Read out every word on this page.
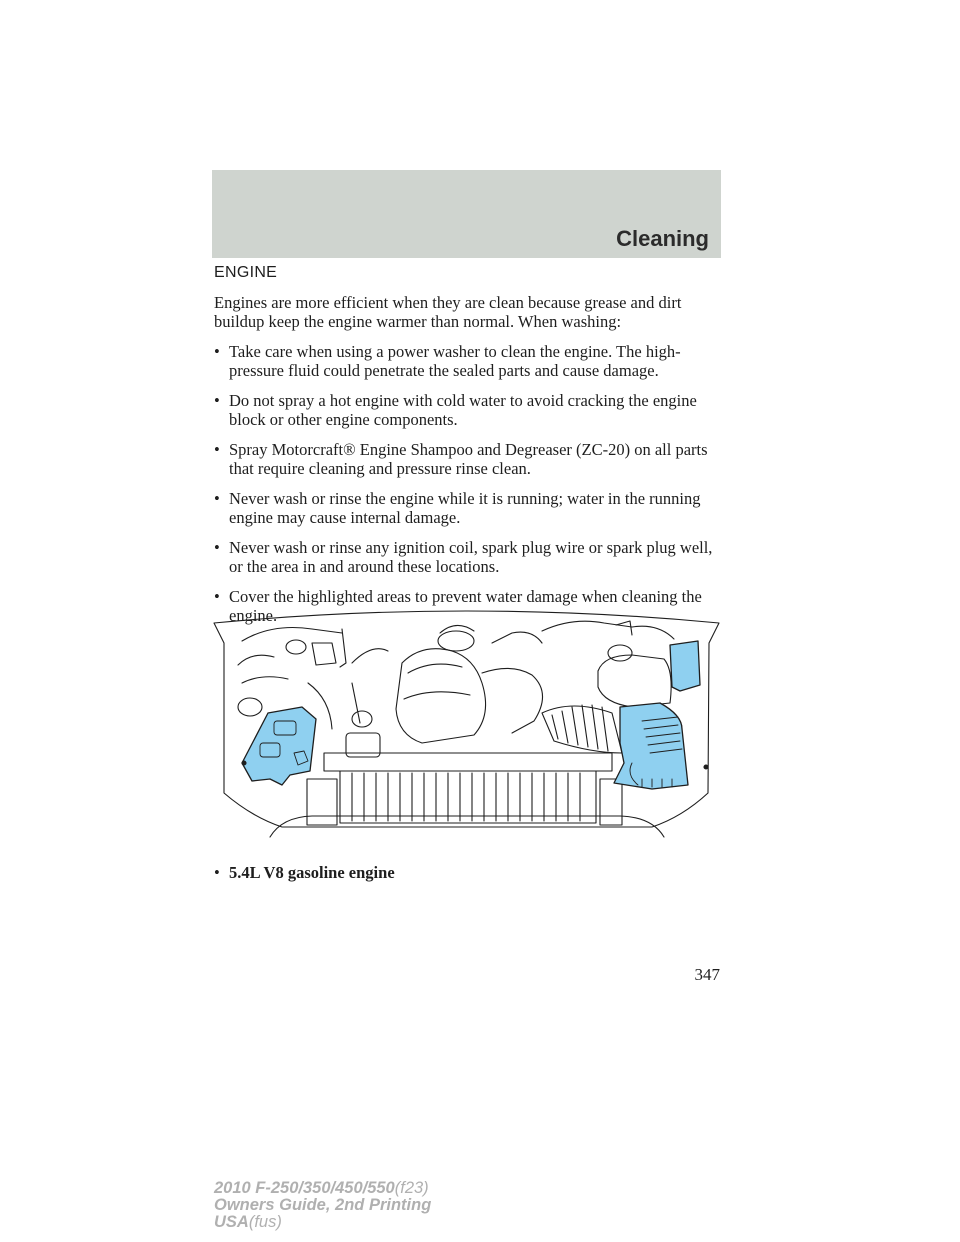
Cleaning
ENGINE

Engines are more efficient when they are clean because grease and dirt buildup keep the engine warmer than normal. When washing:

• Take care when using a power washer to clean the engine. The high-pressure fluid could penetrate the sealed parts and cause damage.
• Do not spray a hot engine with cold water to avoid cracking the engine block or other engine components.
• Spray Motorcraft® Engine Shampoo and Degreaser (ZC-20) on all parts that require cleaning and pressure rinse clean.
• Never wash or rinse the engine while it is running; water in the running engine may cause internal damage.
• Never wash or rinse any ignition coil, spark plug wire or spark plug well, or the area in and around these locations.
• Cover the highlighted areas to prevent water damage when cleaning the engine.
• 5.4L V8 gasoline engine
347
2010 F-250/350/450/550(f23)
Owners Guide, 2nd Printing
USA(fus)
